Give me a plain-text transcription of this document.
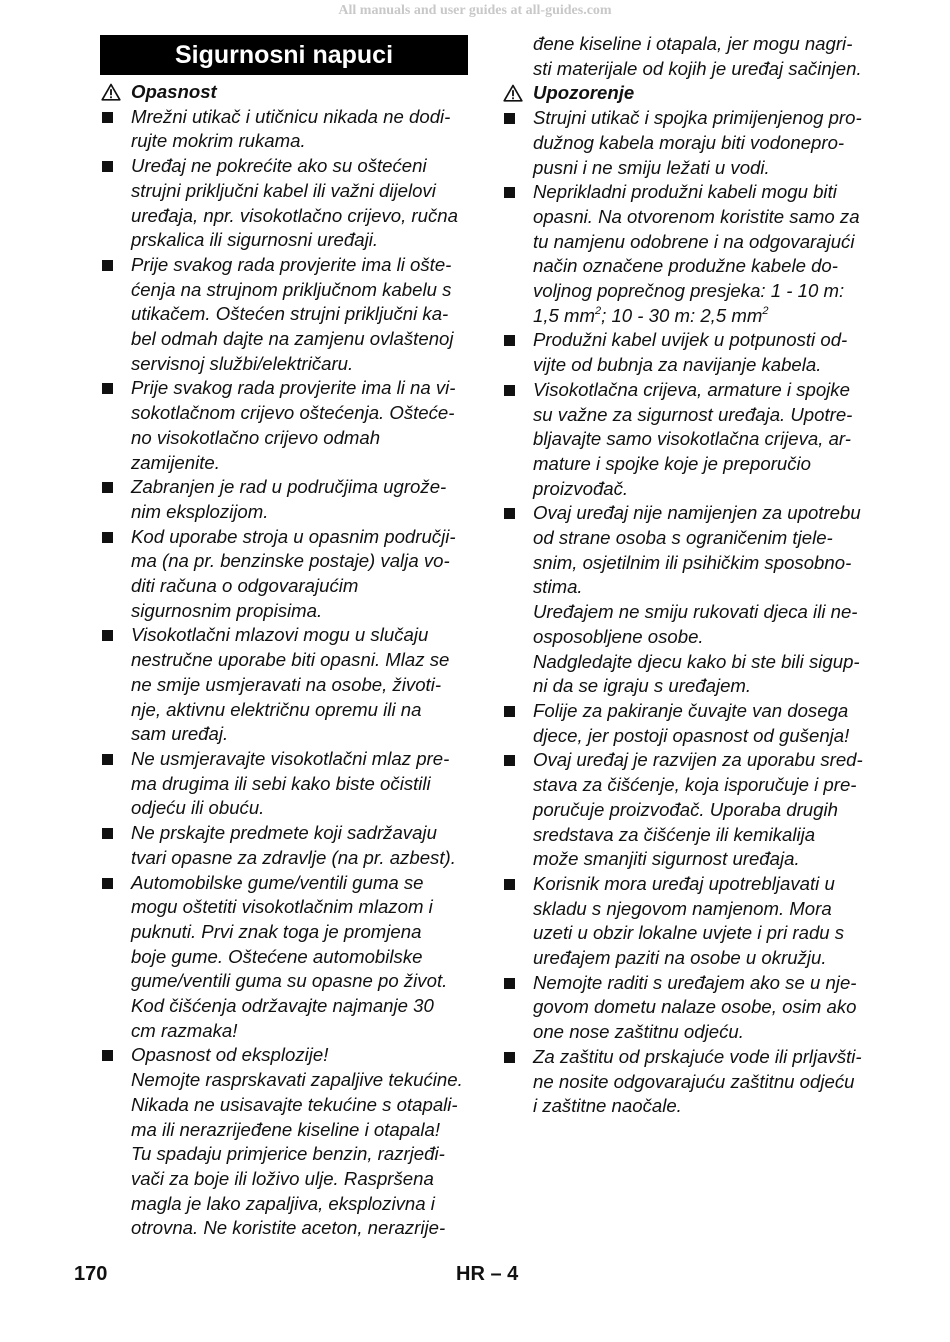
All manuals and user guides at all-guides.com
Sigurnosni napuci
Opasnost
Mrežni utikač i utičnicu nikada ne dodi-
rujte mokrim rukama.
Uređaj ne pokrećite ako su oštećeni
strujni priključni kabel ili važni dijelovi
uređaja, npr. visokotlačno crijevo, ručna
prskalica ili sigurnosni uređaji.
Prije svakog rada provjerite ima li ošte-
ćenja na strujnom priključnom kabelu s
utikačem. Oštećen strujni priključni ka-
bel odmah dajte na zamjenu ovlaštenoj
servisnoj službi/električaru.
Prije svakog rada provjerite ima li na vi-
sokotlačnom crijevo oštećenja. Oštećе-
no visokotlačno crijevo odmah
zamijenite.
Zabranjen je rad u područjima ugrože-
nim eksplozijom.
Kod uporabe stroja u opasnim područji-
ma (na pr. benzinske postaje) valja vo-
diti računa o odgovarajućim
sigurnosnim propisima.
Visokotlačni mlazovi mogu u slučaju
nestručne uporabe biti opasni. Mlaz se
ne smije usmjeravati na osobe, životi-
nje, aktivnu električnu opremu ili na
sam uređaj.
Ne usmjeravajte visokotlačni mlaz pre-
ma drugima ili sebi kako biste očistili
odjeću ili obuću.
Ne prskajte predmete koji sadržavaju
tvari opasne za zdravlje (na pr. azbest).
Automobilske gume/ventili guma se
mogu oštetiti visokotlačnim mlazom i
puknuti. Prvi znak toga je promjena
boje gume. Oštećene automobilske
gume/ventili guma su opasne po život.
Kod čišćenja održavajte najmanje 30
cm razmaka!
Opasnost od eksplozije!
Nemojte rasprskavati zapaljive tekućine.
Nikada ne usisavajte tekućine s otapali-
ma ili nerazrijeđene kiseline i otapala!
Tu spadaju primjerice benzin, razrjeđi-
vači za boje ili loživo ulje. Raspršena
magla je lako zapaljiva, eksplozivna i
otrovna. Ne koristite aceton, nerazrije-
đene kiseline i otapala, jer mogu nagri-
sti materijale od kojih je uređaj sačinjen.
Upozorenje
Strujni utikač i spojka primijenjenog pro-
dužnog kabela moraju biti vodonepro-
pusni i ne smiju ležati u vodi.
Neprikladni produžni kabeli mogu biti
opasni. Na otvorenom koristite samo za
tu namjenu odobrene i na odgovarajući
način označene produžne kabele do-
voljnog poprečnog presjeka: 1 - 10 m:
1,5 $mm^2$; 10 - 30 m: 2,5 $mm^2$
Produžni kabel uvijek u potpunosti od-
vijte od bubnja za navijanje kabela.
Visokotlačna crijeva, armature i spojke
su važne za sigurnost uređaja. Upotre-
bljavajte samo visokotlačna crijeva, ar-
mature i spojke koje je preporučio
proizvođač.
Ovaj uređaj nije namijenjen za upotrebu
od strane osoba s ograničenim tjele-
snim, osjetilnim ili psihičkim sposobno-
stima.
Uređajem ne smiju rukovati djeca ili ne-
osposobljene osobe.
Nadgledajte djecu kako bi ste bili siguр-
ni da se igraju s uređajem.
Folije za pakiranje čuvajte van dosega
djece, jer postoji opasnost od gušenja!
Ovaj uređaj je razvijen za uporabu sred-
stava za čišćenje, koja isporučuje i pre-
poručuje proizvođač. Uporaba drugih
sredstava za čišćenje ili kemikalija
može smanjiti sigurnost uređaja.
Korisnik mora uređaj upotrebljavati u
skladu s njegovom namjenom. Mora
uzeti u obzir lokalne uvjete i pri radu s
uređajem paziti na osobe u okružju.
Nemojte raditi s uređajem ako se u nje-
govom dometu nalaze osobe, osim ako
one nose zaštitnu odjeću.
Za zaštitu od prskajuće vode ili prljavšti-
ne nosite odgovarajuću zaštitnu odjeću
i zaštitne naočale.
170	HR – 4
